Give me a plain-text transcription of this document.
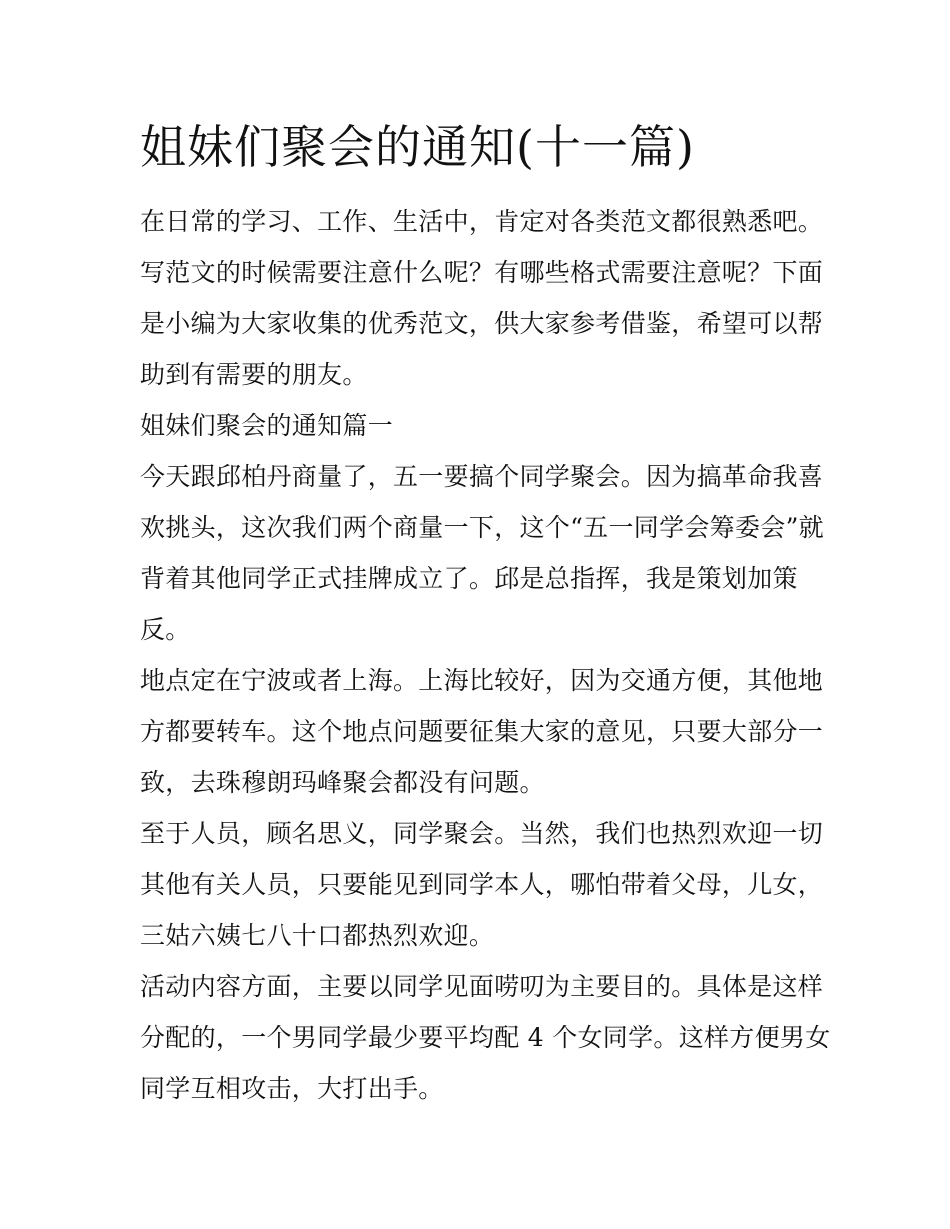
姐妹们聚会的通知(十一篇)

在日常的学习、工作、生活中，肯定对各类范文都很熟悉吧。
写范文的时候需要注意什么呢？有哪些格式需要注意呢？下面
是小编为大家收集的优秀范文，供大家参考借鉴，希望可以帮
助到有需要的朋友。

姐妹们聚会的通知篇一

今天跟邱柏丹商量了，五一要搞个同学聚会。因为搞革命我喜
欢挑头，这次我们两个商量一下，这个“五一同学会筹委会”就
背着其他同学正式挂牌成立了。邱是总指挥，我是策划加策
反。

地点定在宁波或者上海。上海比较好，因为交通方便，其他地
方都要转车。这个地点问题要征集大家的意见，只要大部分一
致，去珠穆朗玛峰聚会都没有问题。

至于人员，顾名思义，同学聚会。当然，我们也热烈欢迎一切
其他有关人员，只要能见到同学本人，哪怕带着父母，儿女，
三姑六姨七八十口都热烈欢迎。

活动内容方面，主要以同学见面唠叨为主要目的。具体是这样
分配的，一个男同学最少要平均配 4 个女同学。这样方便男女
同学互相攻击，大打出手。
